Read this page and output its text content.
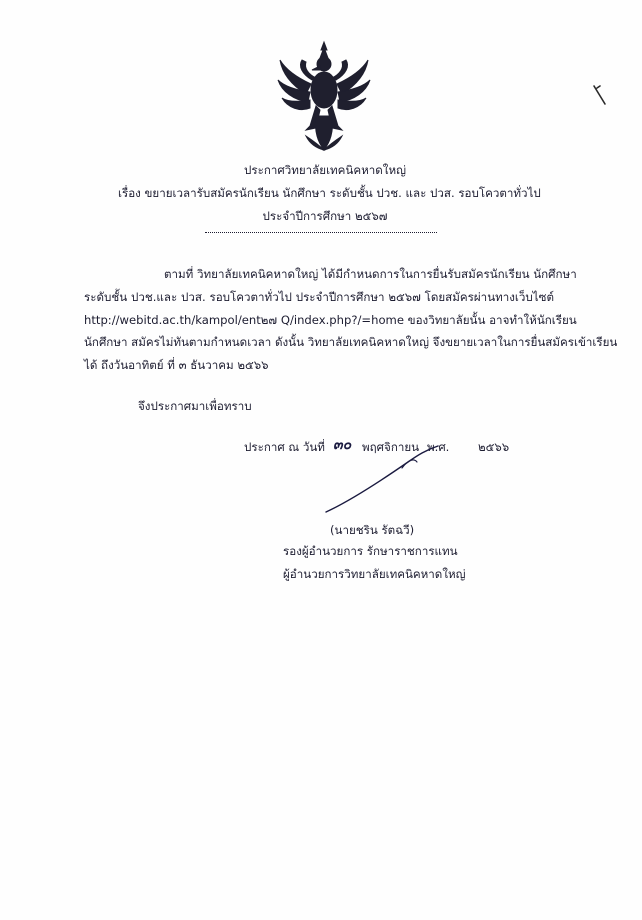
ประกาศวิทยาลัยเทคนิคหาดใหญ่
เรื่อง ขยายเวลารับสมัครนักเรียน นักศึกษา ระดับชั้น ปวช. และ ปวส. รอบโควตาทั่วไป
ประจำปีการศึกษา ๒๕๖๗

ตามที่ วิทยาลัยเทคนิคหาดใหญ่ ได้มีกำหนดการในการยื่นรับสมัครนักเรียน นักศึกษา

ระดับชั้น ปวช.และ ปวส. รอบโควตาทั่วไป ประจำปีการศึกษา ๒๕๖๗ โดยสมัครผ่านทางเว็บไซต์

http://webitd.ac.th/kampol/ent๒๗ Q/index.php?/=home ของวิทยาลัยนั้น อาจทำให้นักเรียน

นักศึกษา สมัครไม่ทันตามกำหนดเวลา ดังนั้น วิทยาลัยเทคนิคหาดใหญ่ จึงขยายเวลาในการยื่นสมัครเข้าเรียน

ได้ ถึงวันอาทิตย์ ที่ ๓ ธันวาคม ๒๕๖๖

จึงประกาศมาเพื่อทราบ
ประกาศ ณ วันที่ ๓๐ พฤศจิกายน พ.ศ. ๒๕๖๖
(นายชริน รัตฉวี)
รองผู้อำนวยการ รักษาราชการแทน
ผู้อำนวยการวิทยาลัยเทคนิคหาดใหญ่
